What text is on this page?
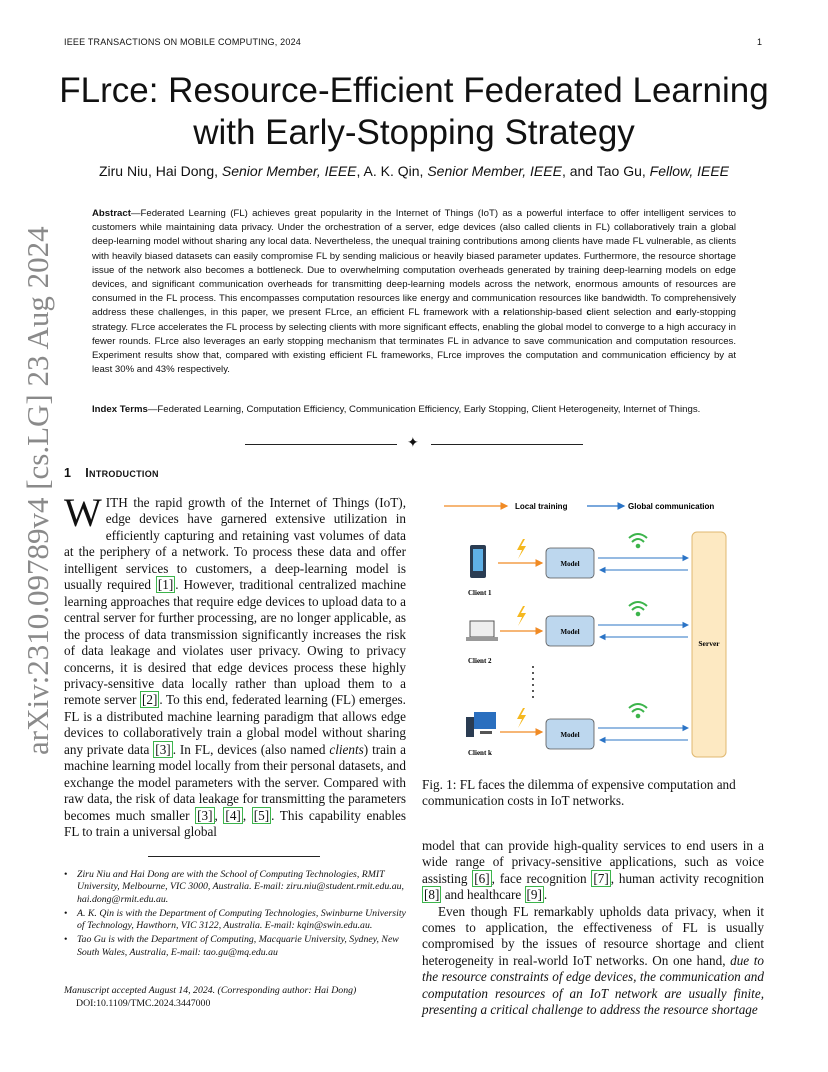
IEEE TRANSACTIONS ON MOBILE COMPUTING, 2024	1
arXiv:2310.09789v4 [cs.LG] 23 Aug 2024
FLrce: Resource-Efficient Federated Learning
with Early-Stopping Strategy
Ziru Niu, Hai Dong, Senior Member, IEEE, A. K. Qin, Senior Member, IEEE, and Tao Gu, Fellow, IEEE
Abstract—Federated Learning (FL) achieves great popularity in the Internet of Things (IoT) as a powerful interface to offer intelligent services to customers while maintaining data privacy. Under the orchestration of a server, edge devices (also called clients in FL) collaboratively train a global deep-learning model without sharing any local data. Nevertheless, the unequal training contributions among clients have made FL vulnerable, as clients with heavily biased datasets can easily compromise FL by sending malicious or heavily biased parameter updates. Furthermore, the resource shortage issue of the network also becomes a bottleneck. Due to overwhelming computation overheads generated by training deep-learning models on edge devices, and significant communication overheads for transmitting deep-learning models across the network, enormous amounts of resources are consumed in the FL process. This encompasses computation resources like energy and communication resources like bandwidth. To comprehensively address these challenges, in this paper, we present FLrce, an efficient FL framework with a relationship-based client selection and early-stopping strategy. FLrce accelerates the FL process by selecting clients with more significant effects, enabling the global model to converge to a high accuracy in fewer rounds. FLrce also leverages an early stopping mechanism that terminates FL in advance to save communication and computation resources. Experiment results show that, compared with existing efficient FL frameworks, FLrce improves the computation and communication efficiency by at least 30% and 43% respectively.
Index Terms—Federated Learning, Computation Efficiency, Communication Efficiency, Early Stopping, Client Heterogeneity, Internet of Things.
✦
1 Introduction
WITH the rapid growth of the Internet of Things (IoT), edge devices have garnered extensive utilization in efficiently capturing and retaining vast volumes of data at the periphery of a network. To process these data and offer intelligent services to customers, a deep-learning model is usually required [1] . However, traditional centralized machine learning approaches that require edge devices to upload data to a central server for further processing, are no longer applicable, as the process of data transmission significantly increases the risk of data leakage and violates user privacy. Owing to privacy concerns, it is desired that edge devices process these highly privacy-sensitive data locally rather than upload them to a remote server [2] . To this end, federated learning (FL) emerges. FL is a distributed machine learning paradigm that allows edge devices to collaboratively train a global model without sharing any private data [3] . In FL, devices (also named clients) train a machine learning model locally from their personal datasets, and exchange the model parameters with the server. Compared with raw data, the risk of data leakage for transmitting the parameters becomes much smaller [3] , [4] , [5] . This capability enables FL to train a universal global
• Ziru Niu and Hai Dong are with the School of Computing Technologies, RMIT University, Melbourne, VIC 3000, Australia. E-mail: ziru.niu@student.rmit.edu.au, hai.dong@rmit.edu.au.
• A. K. Qin is with the Department of Computing Technologies, Swinburne University of Technology, Hawthorn, VIC 3122, Australia. E-mail: kqin@swin.edu.au.
• Tao Gu is with the Department of Computing, Macquarie University, Sydney, New South Wales, Australia, E-mail: tao.gu@mq.edu.au
Manuscript accepted August 14, 2024. (Corresponding author: Hai Dong)
DOI:10.1109/TMC.2024.3447000
Local training	Global communication
Server
Client 1
Model
Client 2
Model
Client k
Model
Fig. 1: FL faces the dilemma of expensive computation and communication costs in IoT networks.

model that can provide high-quality services to end users in a wide range of privacy-sensitive applications, such as voice assisting [6] , face recognition [7] , human activity recognition [8] and healthcare [9] .

Even though FL remarkably upholds data privacy, when it comes to application, the effectiveness of FL is usually compromised by the issues of resource shortage and client heterogeneity in real-world IoT networks. On one hand, due to the resource constraints of edge devices, the communication and computation resources of an IoT network are usually finite, presenting a critical challenge to address the resource shortage
